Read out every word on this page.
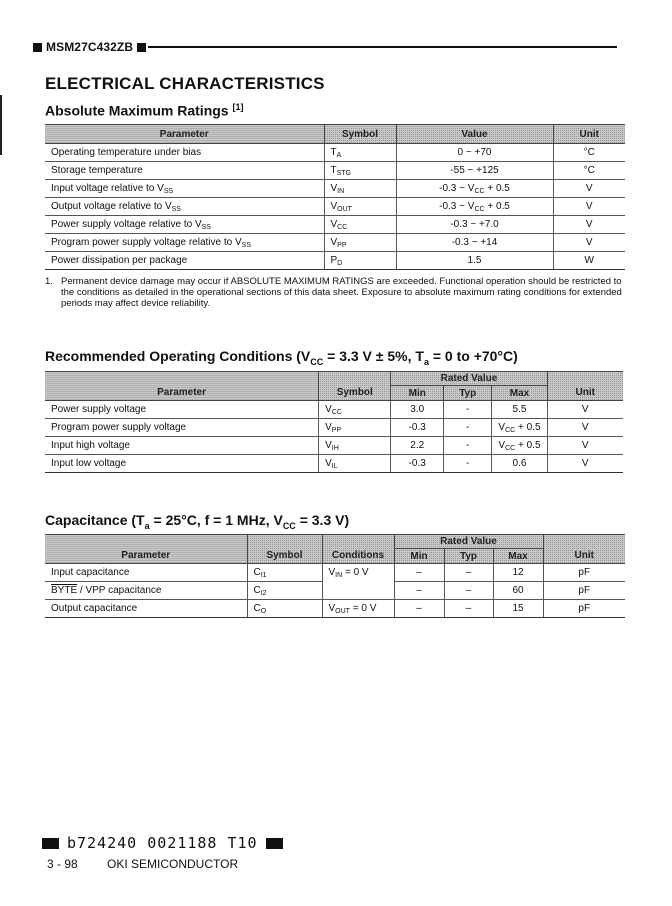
MSM27C432ZB
ELECTRICAL CHARACTERISTICS
Absolute Maximum Ratings [1]
Parameter	Symbol	Value	Unit
Operating temperature under bias	$T_A$	0 ~ +70	°C
Storage temperature	$T_{STG}$	-55 ~ +125	°C
Input voltage relative to $V_{SS}$	$V_{IN}$	-0.3 ~ $V_{CC} + 0.5$	V
Output voltage relative to $V_{SS}$	$V_{OUT}$	-0.3 ~ $V_{CC} + 0.5$	V
Power supply voltage relative to $V_{SS}$	$V_{CC}$	-0.3 ~ +7.0	V
Program power supply voltage relative to $V_{SS}$	$V_{PP}$	-0.3 ~ +14	V
Power dissipation per package	$P_D$	1.5	W
1. Permanent device damage may occur if ABSOLUTE MAXIMUM RATINGS are exceeded. Functional operation should be restricted to the conditions as detailed in the operational sections of this data sheet. Exposure to absolute maximum rating conditions for extended periods may affect device reliability.
Recommended Operating Conditions ($V_{CC} = 3.3$ V ± 5%, $T_a = 0$ to +70°C)
Parameter	Symbol	Rated Value			Unit
		Min	Typ	Max	
Power supply voltage	$V_{CC}$	3.0	-	5.5	V
Program power supply voltage	$V_{PP}$	-0.3	-	$V_{CC} + 0.5$	V
Input high voltage	$V_{IH}$	2.2	-	$V_{CC} + 0.5$	V
Input low voltage	$V_{IL}$	-0.3	-	0.6	V
Capacitance ($T_a = 25^\circ C$, f = 1 MHz, $V_{CC} = 3.3$ V)
Parameter	Symbol	Conditions	Rated Value			Unit
			Min	Typ	Max	
Input capacitance	$C_{I1}$	$V_{IN} = 0$ V	–	–	12	pF
BYTE / VPP capacitance	$C_{I2}$		–	–	60	pF
Output capacitance	$C_O$	$V_{OUT} = 0$ V	–	–	15	pF
b724240 0021188 T10
3 - 98	OKI SEMICONDUCTOR
